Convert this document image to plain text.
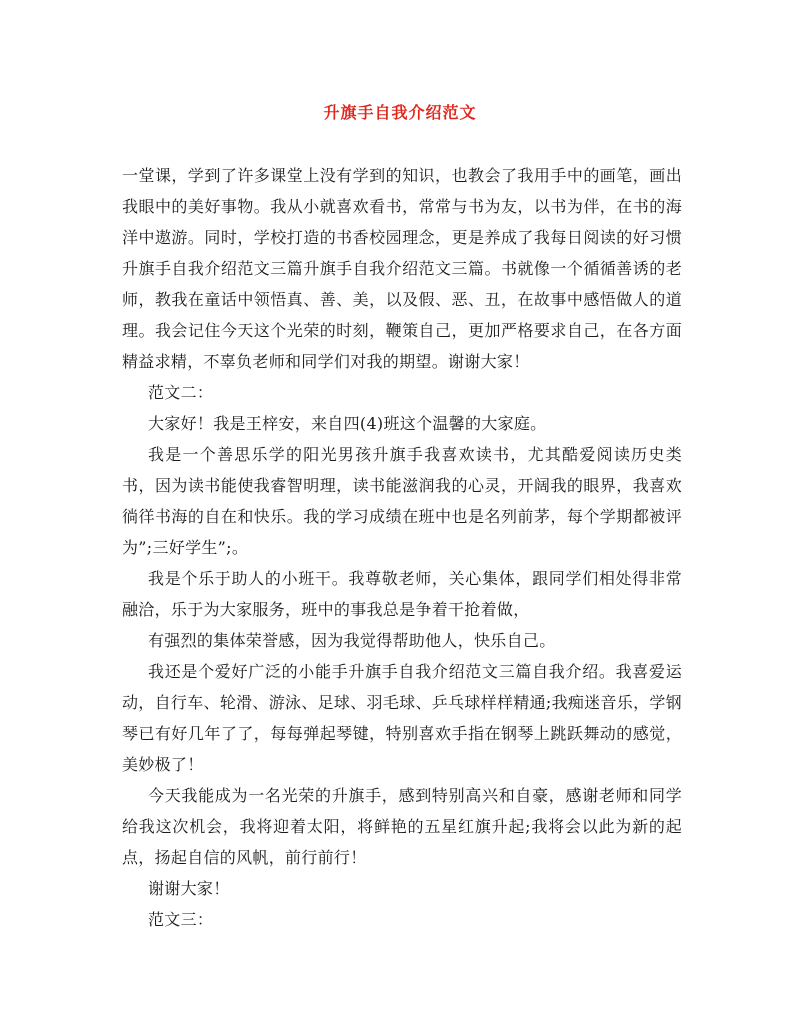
升旗手自我介绍范文

一堂课，学到了许多课堂上没有学到的知识，也教会了我用手中的画笔，画出我眼中的美好事物。我从小就喜欢看书，常常与书为友，以书为伴，在书的海洋中遨游。同时，学校打造的书香校园理念，更是养成了我每日阅读的好习惯升旗手自我介绍范文三篇升旗手自我介绍范文三篇。书就像一个循循善诱的老师，教我在童话中领悟真、善、美，以及假、恶、丑，在故事中感悟做人的道理。我会记住今天这个光荣的时刻，鞭策自己，更加严格要求自己，在各方面精益求精，不辜负老师和同学们对我的期望。谢谢大家！

范文二：

大家好！我是王梓安，来自四(4)班这个温馨的大家庭。

我是一个善思乐学的阳光男孩升旗手我喜欢读书，尤其酷爱阅读历史类书，因为读书能使我睿智明理，读书能滋润我的心灵，开阔我的眼界，我喜欢徜徉书海的自在和快乐。我的学习成绩在班中也是名列前茅，每个学期都被评为”;三好学生”;。

我是个乐于助人的小班干。我尊敬老师，关心集体，跟同学们相处得非常融洽，乐于为大家服务，班中的事我总是争着干抢着做，

有强烈的集体荣誉感，因为我觉得帮助他人，快乐自己。

我还是个爱好广泛的小能手升旗手自我介绍范文三篇自我介绍。我喜爱运动，自行车、轮滑、游泳、足球、羽毛球、乒乓球样样精通;我痴迷音乐，学钢琴已有好几年了了，每每弹起琴键，特别喜欢手指在钢琴上跳跃舞动的感觉，美妙极了！

今天我能成为一名光荣的升旗手，感到特别高兴和自豪，感谢老师和同学给我这次机会，我将迎着太阳，将鲜艳的五星红旗升起;我将会以此为新的起点，扬起自信的风帆，前行前行！

谢谢大家！

范文三：
